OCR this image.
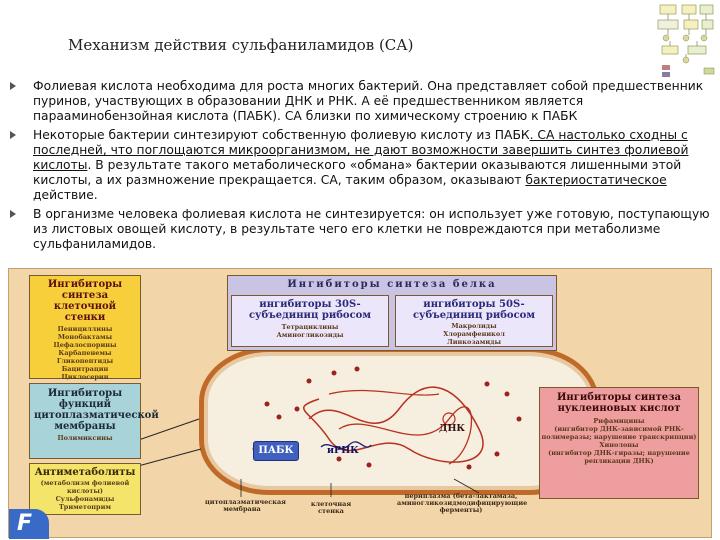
Механизм действия сульфаниламидов (СА)
Фолиевая кислота необходима для роста многих бактерий. Она представляет собой предшественник пуринов, участвующих в образовании ДНК и РНК. А её предшественником является парааминобензойная кислота (ПАБК). СА близки по химическому строению к ПАБК
Некоторые бактерии синтезируют собственную фолиевую кислоту из ПАБК. СА настолько сходны с последней, что поглощаются микроорганизмом, не дают возможности завершить синтез фолиевой кислоты. В результате такого метаболического «обмана» бактерии оказываются лишенными этой кислоты, а их размножение прекращается. СА, таким образом, оказывают бактериостатическое действие.
В организме человека фолиевая кислота не синтезируется: он использует уже готовую, поступающую из листовых овощей кислоту, в результате чего его клетки не повреждаются при метаболизме сульфаниламидов.
ПАБК	иРНК
ДНК
Ингибиторы синтеза клеточной стенки
Пенициллины
Монобактамы
Цефалоспорины
Карбапенемы
Гликопептиды
Бацитрацин
Циклосерин
Ингибиторы синтеза белка
ингибиторы 30S-субъединиц рибосом
Тетрациклины
Аминогликозиды
ингибиторы 50S-субъединиц рибосом
Макролиды
Хлорамфеникол
Линкозамиды
Ингибиторы функций цитоплазматической мембраны
Полимиксины
Антиметаболиты
(метаболизм фолиевой кислоты)
Сульфонамиды
Триметоприм
Ингибиторы синтеза нуклеиновых кислот
Рифамицины
(ингибитор ДНК-зависимой РНК-полимеразы; нарушение транскрипции)
Хинолоны
(ингибитор ДНК-гиразы; нарушение репликации ДНК)
цитоплазматическая мембрана
клеточная стенка
периплазма (бета-лактамаза, аминогликозидмодифицирующие ферменты)
F
